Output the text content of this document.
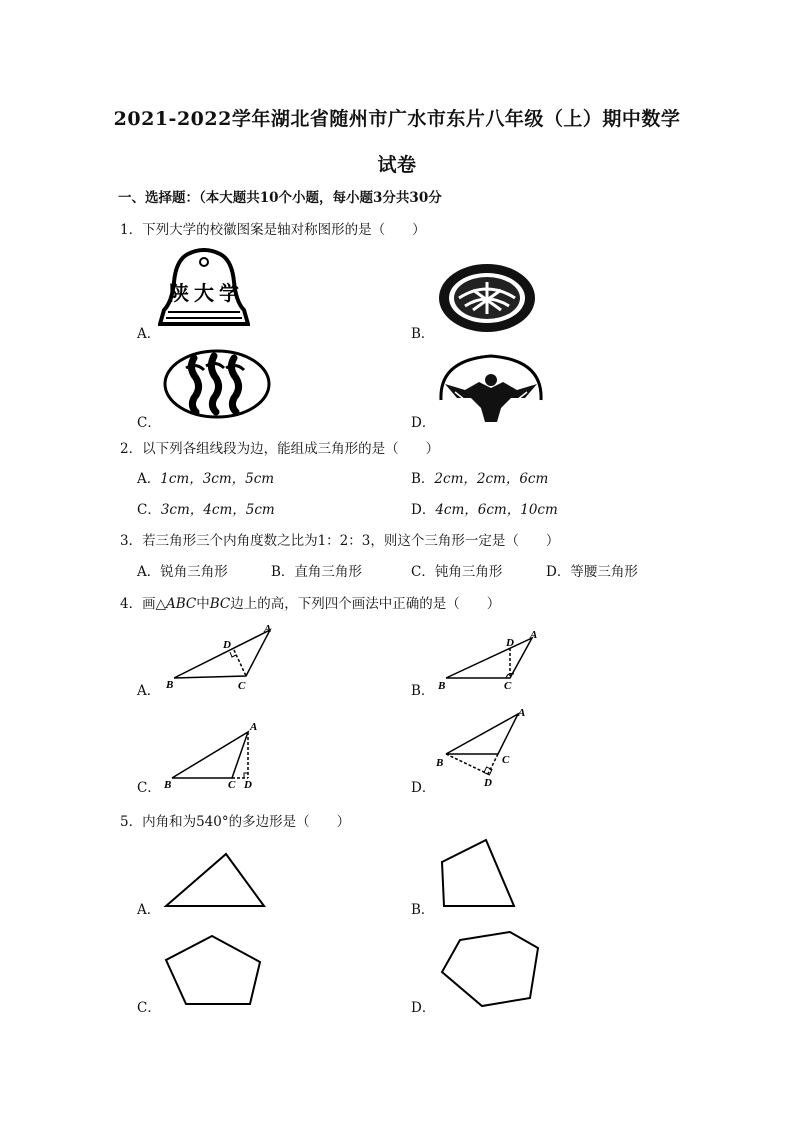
2021-2022学年湖北省随州市广水市东片八年级（上）期中数学
试卷
一、选择题：（本大题共10个小题，每小题3分共30分
1．下列大学的校徽图案是轴对称图形的是（　　）
A．
陕 大 学
B．
C．	D．
2．以下列各组线段为边，能组成三角形的是（　　）
A．1cm，3cm，5cm	B．2cm，2cm，6cm
C．3cm，4cm，5cm	D．4cm，6cm，10cm
3．若三角形三个内角度数之比为1：2：3，则这个三角形一定是（　　）
A．锐角三角形	B．直角三角形	C．钝角三角形	D．等腰三角形
4．画△ABC中BC边上的高，下列四个画法中正确的是（　　）
A．
A
B	C
D
B．
A
B	C
D
C．
A
B	C D	D．
A
B	C
D
5．内角和为540°的多边形是（　　）
A．	B．
C．	D．
